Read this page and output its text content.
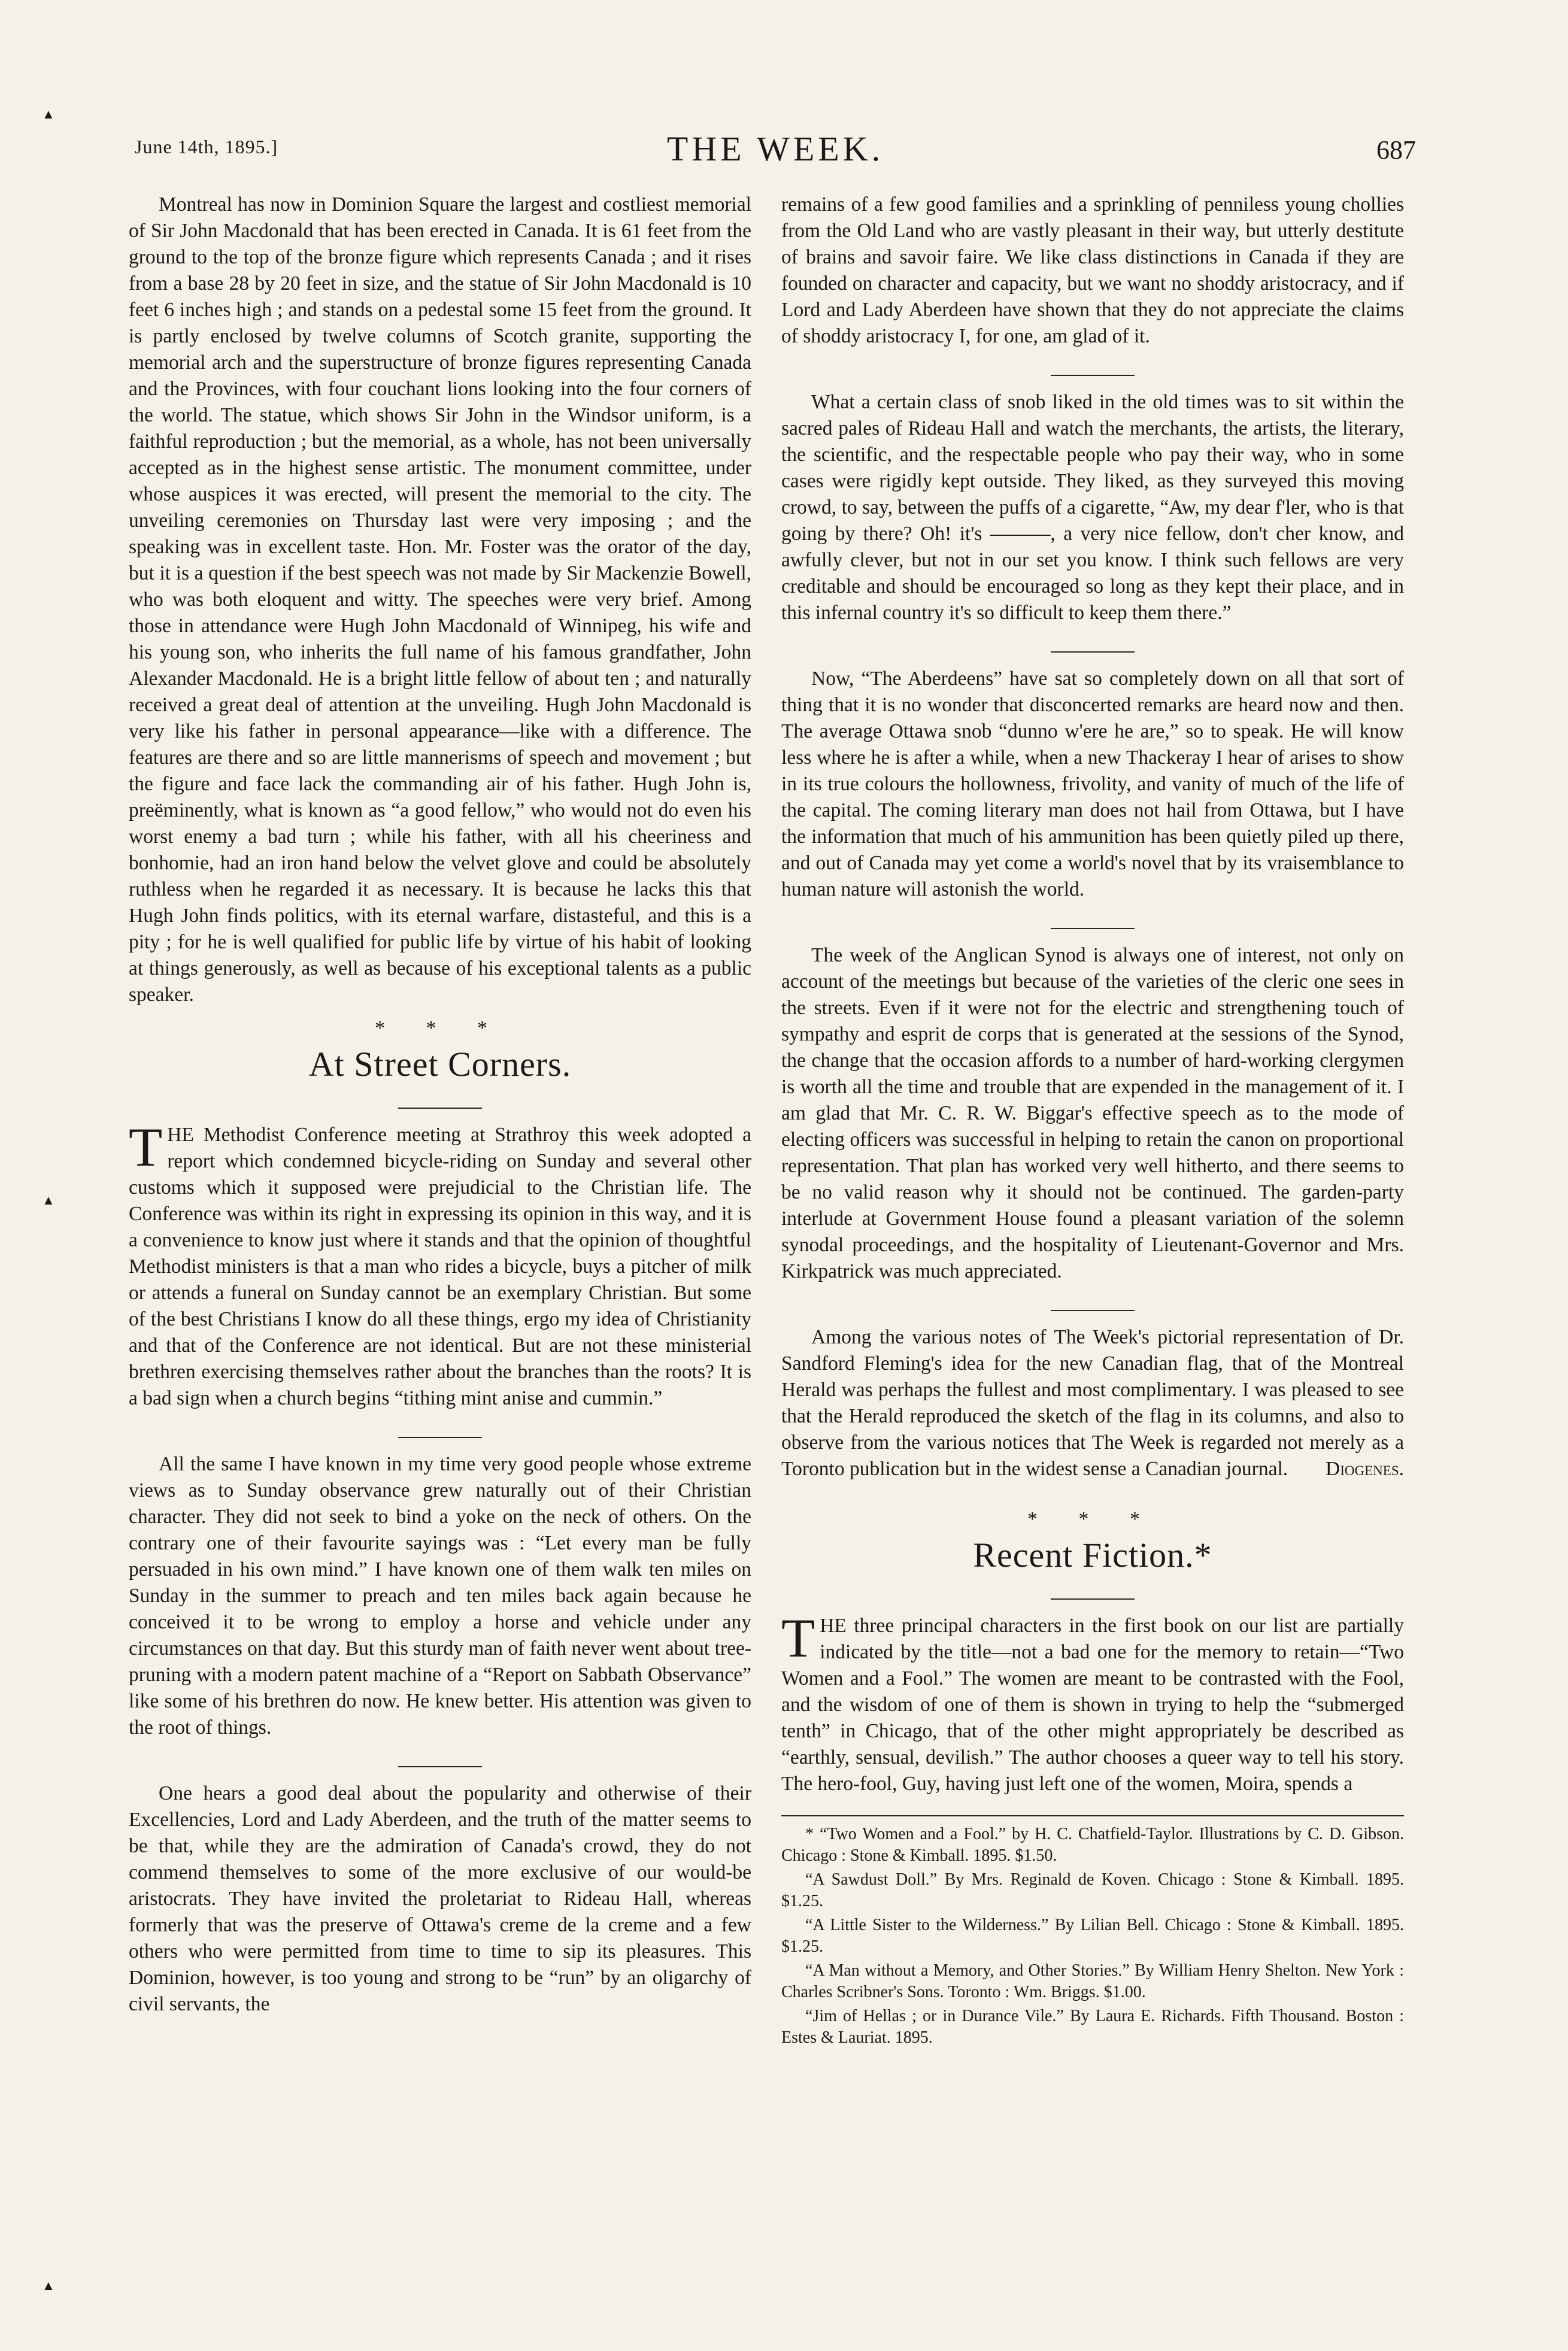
▲
▲
▲
June 14th, 1895.]	THE WEEK.	687

Montreal has now in Dominion Square the largest and costliest memorial of Sir John Macdonald that has been erected in Canada. It is 61 feet from the ground to the top of the bronze figure which represents Canada ; and it rises from a base 28 by 20 feet in size, and the statue of Sir John Macdonald is 10 feet 6 inches high ; and stands on a pedestal some 15 feet from the ground. It is partly enclosed by twelve columns of Scotch granite, supporting the memorial arch and the superstructure of bronze figures representing Canada and the Provinces, with four couchant lions looking into the four corners of the world. The statue, which shows Sir John in the Windsor uniform, is a faithful reproduction ; but the memorial, as a whole, has not been universally accepted as in the highest sense artistic. The monument committee, under whose auspices it was erected, will present the memorial to the city. The unveiling ceremonies on Thursday last were very imposing ; and the speaking was in excellent taste. Hon. Mr. Foster was the orator of the day, but it is a question if the best speech was not made by Sir Mackenzie Bowell, who was both eloquent and witty. The speeches were very brief. Among those in attendance were Hugh John Macdonald of Winnipeg, his wife and his young son, who inherits the full name of his famous grandfather, John Alexander Macdonald. He is a bright little fellow of about ten ; and naturally received a great deal of attention at the unveiling. Hugh John Macdonald is very like his father in personal appearance—like with a difference. The features are there and so are little mannerisms of speech and movement ; but the figure and face lack the commanding air of his father. Hugh John is, preëminently, what is known as “a good fellow,” who would not do even his worst enemy a bad turn ; while his father, with all his cheeriness and bonhomie, had an iron hand below the velvet glove and could be absolutely ruthless when he regarded it as necessary. It is because he lacks this that Hugh John finds politics, with its eternal warfare, distasteful, and this is a pity ; for he is well qualified for public life by virtue of his habit of looking at things generously, as well as because of his exceptional talents as a public speaker.

* * *
At Street Corners.

THE Methodist Conference meeting at Strathroy this week adopted a report which condemned bicycle-riding on Sunday and several other customs which it supposed were prejudicial to the Christian life. The Conference was within its right in expressing its opinion in this way, and it is a convenience to know just where it stands and that the opinion of thoughtful Methodist ministers is that a man who rides a bicycle, buys a pitcher of milk or attends a funeral on Sunday cannot be an exemplary Christian. But some of the best Christians I know do all these things, ergo my idea of Christianity and that of the Conference are not identical. But are not these ministerial brethren exercising themselves rather about the branches than the roots? It is a bad sign when a church begins “tithing mint anise and cummin.”

All the same I have known in my time very good people whose extreme views as to Sunday observance grew naturally out of their Christian character. They did not seek to bind a yoke on the neck of others. On the contrary one of their favourite sayings was : “Let every man be fully persuaded in his own mind.” I have known one of them walk ten miles on Sunday in the summer to preach and ten miles back again because he conceived it to be wrong to employ a horse and vehicle under any circumstances on that day. But this sturdy man of faith never went about tree-pruning with a modern patent machine of a “Report on Sabbath Observance” like some of his brethren do now. He knew better. His attention was given to the root of things.

One hears a good deal about the popularity and otherwise of their Excellencies, Lord and Lady Aberdeen, and the truth of the matter seems to be that, while they are the admiration of Canada's crowd, they do not commend themselves to some of the more exclusive of our would-be aristocrats. They have invited the proletariat to Rideau Hall, whereas formerly that was the preserve of Ottawa's creme de la creme and a few others who were permitted from time to time to sip its pleasures. This Dominion, however, is too young and strong to be “run” by an oligarchy of civil servants, the

remains of a few good families and a sprinkling of penniless young chollies from the Old Land who are vastly pleasant in their way, but utterly destitute of brains and savoir faire. We like class distinctions in Canada if they are founded on character and capacity, but we want no shoddy aristocracy, and if Lord and Lady Aberdeen have shown that they do not appreciate the claims of shoddy aristocracy I, for one, am glad of it.

What a certain class of snob liked in the old times was to sit within the sacred pales of Rideau Hall and watch the merchants, the artists, the literary, the scientific, and the respectable people who pay their way, who in some cases were rigidly kept outside. They liked, as they surveyed this moving crowd, to say, between the puffs of a cigarette, “Aw, my dear f'ler, who is that going by there? Oh! it's ———, a very nice fellow, don't cher know, and awfully clever, but not in our set you know. I think such fellows are very creditable and should be encouraged so long as they kept their place, and in this infernal country it's so difficult to keep them there.”

Now, “The Aberdeens” have sat so completely down on all that sort of thing that it is no wonder that disconcerted remarks are heard now and then. The average Ottawa snob “dunno w'ere he are,” so to speak. He will know less where he is after a while, when a new Thackeray I hear of arises to show in its true colours the hollowness, frivolity, and vanity of much of the life of the capital. The coming literary man does not hail from Ottawa, but I have the information that much of his ammunition has been quietly piled up there, and out of Canada may yet come a world's novel that by its vraisemblance to human nature will astonish the world.

The week of the Anglican Synod is always one of interest, not only on account of the meetings but because of the varieties of the cleric one sees in the streets. Even if it were not for the electric and strengthening touch of sympathy and esprit de corps that is generated at the sessions of the Synod, the change that the occasion affords to a number of hard-working clergymen is worth all the time and trouble that are expended in the management of it. I am glad that Mr. C. R. W. Biggar's effective speech as to the mode of electing officers was successful in helping to retain the canon on proportional representation. That plan has worked very well hitherto, and there seems to be no valid reason why it should not be continued. The garden-party interlude at Government House found a pleasant variation of the solemn synodal proceedings, and the hospitality of Lieutenant-Governor and Mrs. Kirkpatrick was much appreciated.

Among the various notes of The Week's pictorial representation of Dr. Sandford Fleming's idea for the new Canadian flag, that of the Montreal Herald was perhaps the fullest and most complimentary. I was pleased to see that the Herald reproduced the sketch of the flag in its columns, and also to observe from the various notices that The Week is regarded not merely as a Toronto publication but in the widest sense a Canadian journal.	Diogenes.
* * *
Recent Fiction.*

THE three principal characters in the first book on our list are partially indicated by the title—not a bad one for the memory to retain—“Two Women and a Fool.” The women are meant to be contrasted with the Fool, and the wisdom of one of them is shown in trying to help the “submerged tenth” in Chicago, that of the other might appropriately be described as “earthly, sensual, devilish.” The author chooses a queer way to tell his story. The hero-fool, Guy, having just left one of the women, Moira, spends a

* “Two Women and a Fool.” by H. C. Chatfield-Taylor. Illustrations by C. D. Gibson. Chicago : Stone & Kimball. 1895. $1.50.

“A Sawdust Doll.” By Mrs. Reginald de Koven. Chicago : Stone & Kimball. 1895. $1.25.

“A Little Sister to the Wilderness.” By Lilian Bell. Chicago : Stone & Kimball. 1895. $1.25.

“A Man without a Memory, and Other Stories.” By William Henry Shelton. New York : Charles Scribner's Sons. Toronto : Wm. Briggs. $1.00.

“Jim of Hellas ; or in Durance Vile.” By Laura E. Richards. Fifth Thousand. Boston : Estes & Lauriat. 1895.
